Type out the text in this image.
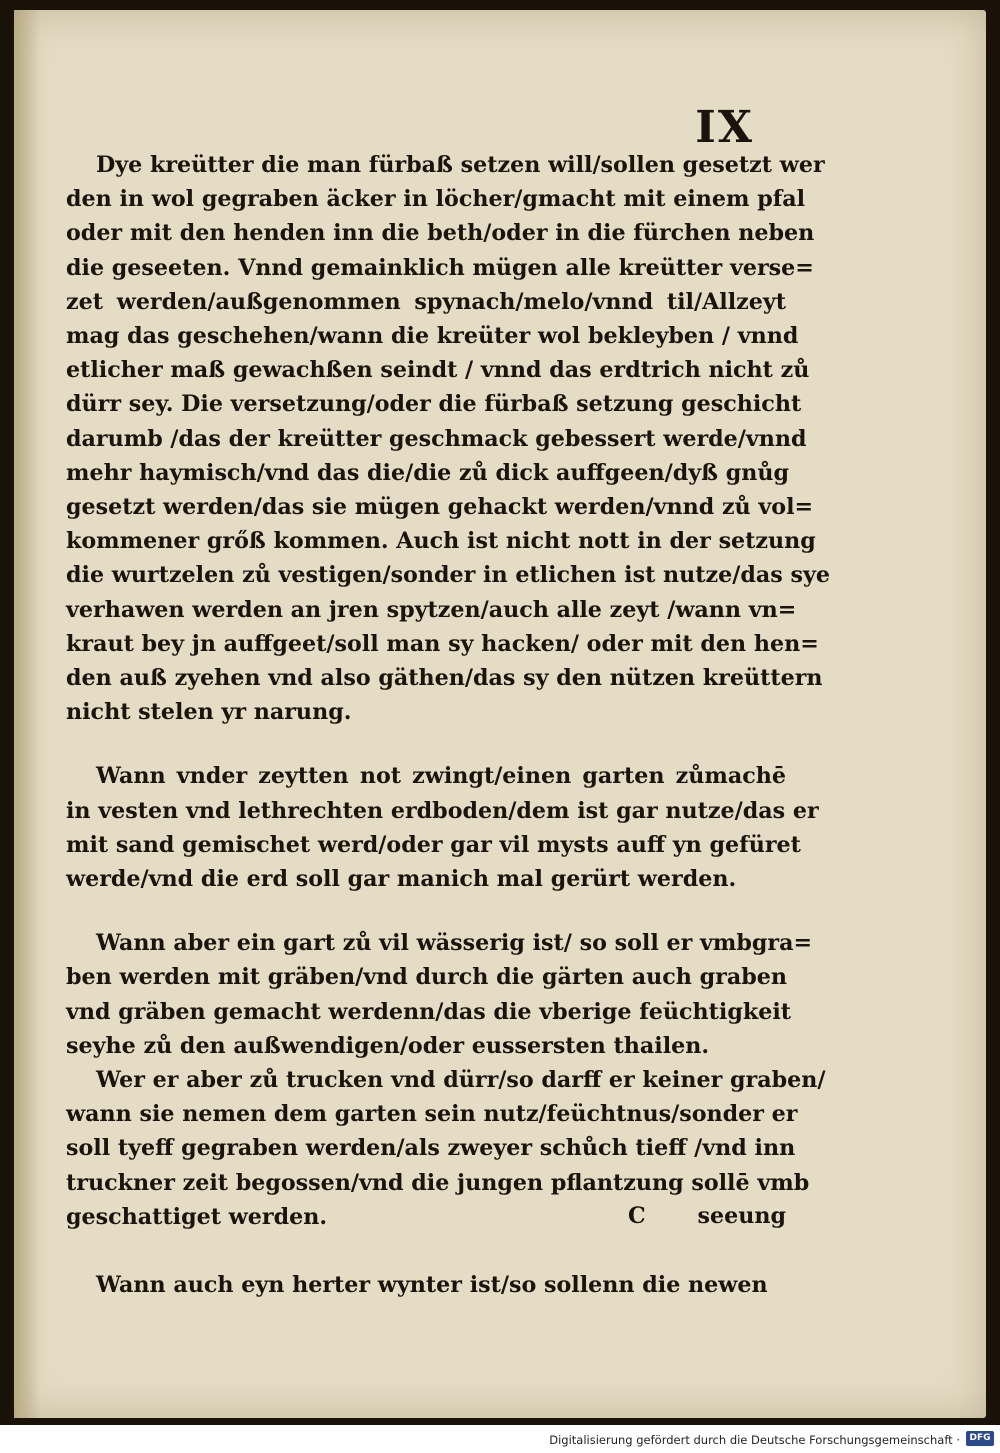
IX

Dye kreütter die man fürbaß setzen will/sollen gesetzt wer
den in wol gegraben äcker in löcher/gmacht mit einem pfal
oder mit den henden inn die beth/oder in die fürchen neben
die geseeten. Vnnd gemainklich mügen alle kreütter verse=
zet werden/außgenommen spynach/melo/vnnd til/Allzeyt
mag das geschehen/wann die kreüter wol bekleyben / vnnd
etlicher maß gewachßen seindt / vnnd das erdtrich nicht zů
dürr sey. Die versetzung/oder die fürbaß setzung geschicht
darumb /das der kreütter geschmack gebessert werde/vnnd
mehr haymisch/vnd das die/die zů dick auffgeen/dyß gnůg
gesetzt werden/das sie mügen gehackt werden/vnnd zů vol=
kommener grőß kommen. Auch ist nicht nott in der setzung
die wurtzelen zů vestigen/sonder in etlichen ist nutze/das sye
verhawen werden an jren spytzen/auch alle zeyt /wann vn=
kraut bey jn auffgeet/soll man sy hacken/ oder mit den hen=
den auß zyehen vnd also gäthen/das sy den nützen kreüttern
nicht stelen yr narung.

Wann vnder zeytten not zwingt/einen garten zůmachē
in vesten vnd lethrechten erdboden/dem ist gar nutze/das er
mit sand gemischet werd/oder gar vil mysts auff yn gefüret
werde/vnd die erd soll gar manich mal gerürt werden.

Wann aber ein gart zů vil wässerig ist/ so soll er vmbgra=
ben werden mit gräben/vnd durch die gärten auch graben
vnd gräben gemacht werdenn/das die vberige feüchtigkeit
seyhe zů den außwendigen/oder eussersten thailen.

Wer er aber zů trucken vnd dürr/so darff er keiner graben/
wann sie nemen dem garten sein nutz/feüchtnus/sonder er
soll tyeff gegraben werden/als zweyer schůch tieff /vnd inn
truckner zeit begossen/vnd die jungen pflantzung sollē vmb
geschattiget werden.

Wann auch eyn herter wynter ist/so sollenn die newen

C seeung
Digitalisierung gefördert durch die Deutsche Forschungsgemeinschaft ·	DFG
